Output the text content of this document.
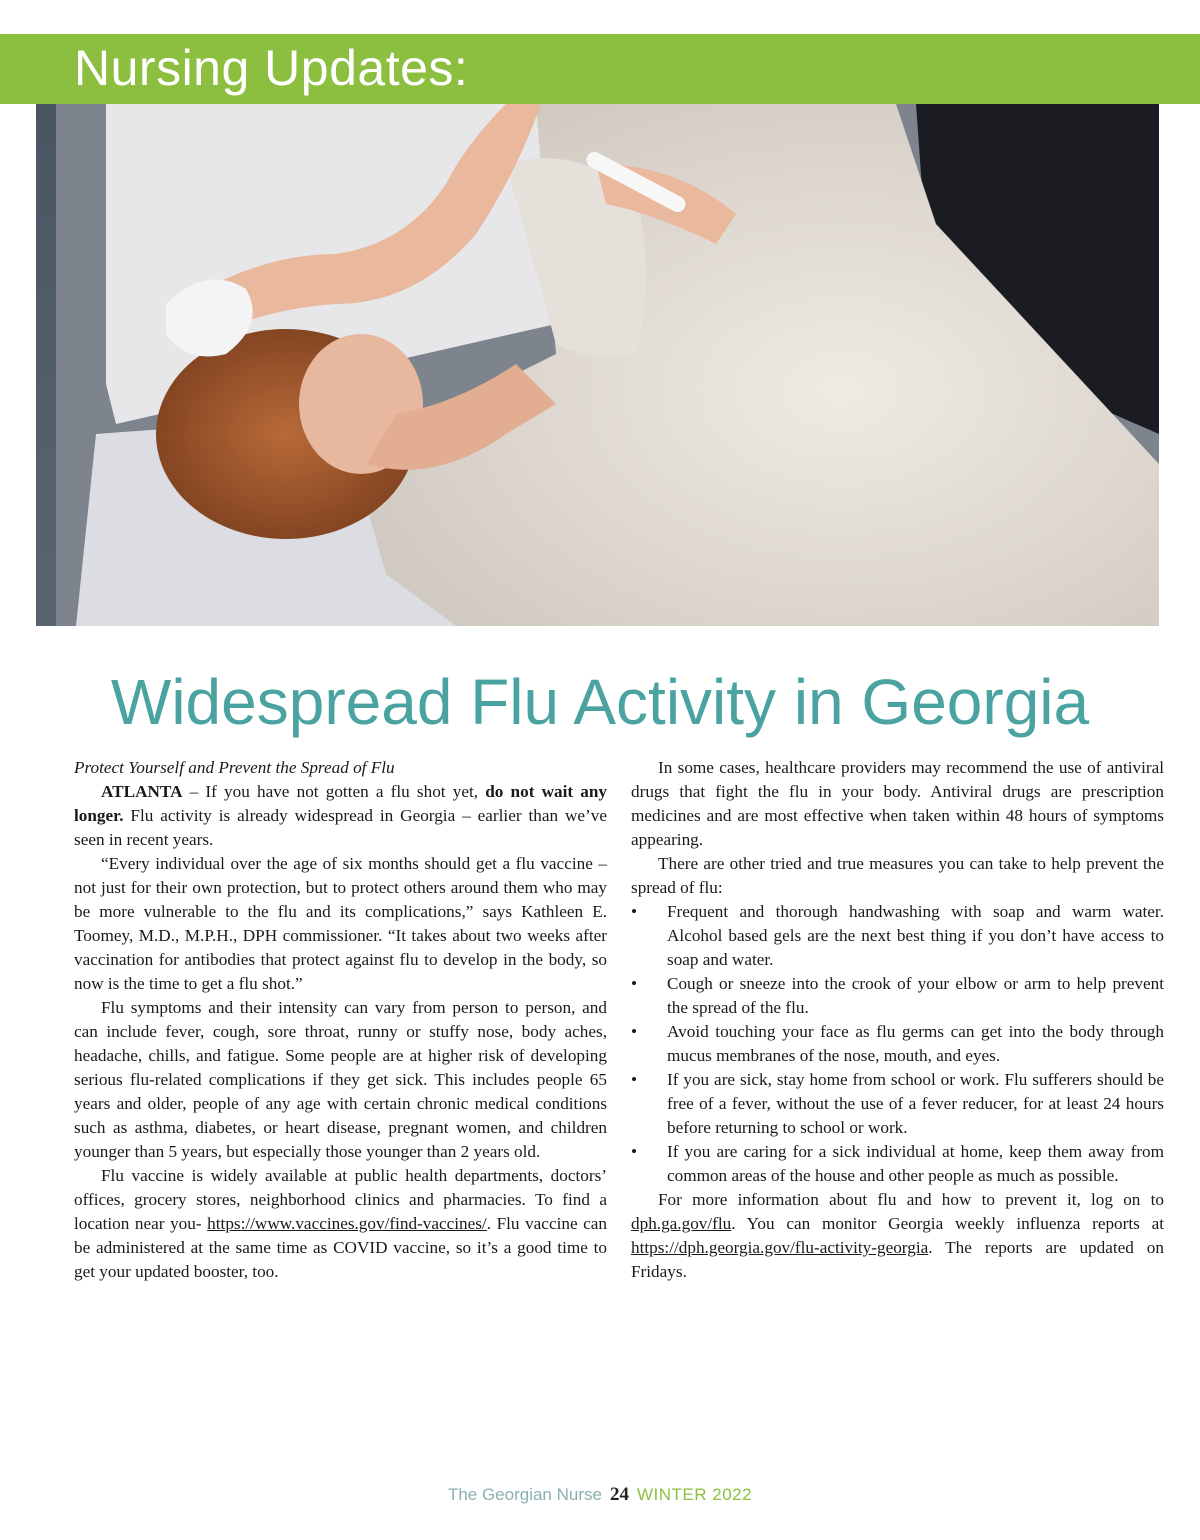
Nursing Updates:
Widespread Flu Activity in Georgia

Protect Yourself and Prevent the Spread of Flu

ATLANTA – If you have not gotten a flu shot yet, do not wait any longer. Flu activity is already widespread in Georgia – earlier than we’ve seen in recent years.

“Every individual over the age of six months should get a flu vaccine – not just for their own protection, but to protect others around them who may be more vulnerable to the flu and its complications,” says Kathleen E. Toomey, M.D., M.P.H., DPH commissioner. “It takes about two weeks after vaccination for antibodies that protect against flu to develop in the body, so now is the time to get a flu shot.”

Flu symptoms and their intensity can vary from person to person, and can include fever, cough, sore throat, runny or stuffy nose, body aches, headache, chills, and fatigue. Some people are at higher risk of developing serious flu-related complications if they get sick. This includes people 65 years and older, people of any age with certain chronic medical conditions such as asthma, diabetes, or heart disease, pregnant women, and children younger than 5 years, but especially those younger than 2 years old.

Flu vaccine is widely available at public health departments, doctors’ offices, grocery stores, neighborhood clinics and pharmacies. To find a location near you- https://www.vaccines.gov/find-vaccines/. Flu vaccine can be administered at the same time as COVID vaccine, so it’s a good time to get your updated booster, too.

In some cases, healthcare providers may recommend the use of antiviral drugs that fight the flu in your body. Antiviral drugs are prescription medicines and are most effective when taken within 48 hours of symptoms appearing.

There are other tried and true measures you can take to help prevent the spread of flu:

• Frequent and thorough handwashing with soap and warm water. Alcohol based gels are the next best thing if you don’t have access to soap and water.
• Cough or sneeze into the crook of your elbow or arm to help prevent the spread of the flu.
• Avoid touching your face as flu germs can get into the body through mucus membranes of the nose, mouth, and eyes.
• If you are sick, stay home from school or work. Flu sufferers should be free of a fever, without the use of a fever reducer, for at least 24 hours before returning to school or work.
• If you are caring for a sick individual at home, keep them away from common areas of the house and other people as much as possible.

For more information about flu and how to prevent it, log on to dph.ga.gov/flu. You can monitor Georgia weekly influenza reports at https://dph.georgia.gov/flu-activity-georgia. The reports are updated on Fridays.

The Georgian Nurse 24 WINTER 2022
